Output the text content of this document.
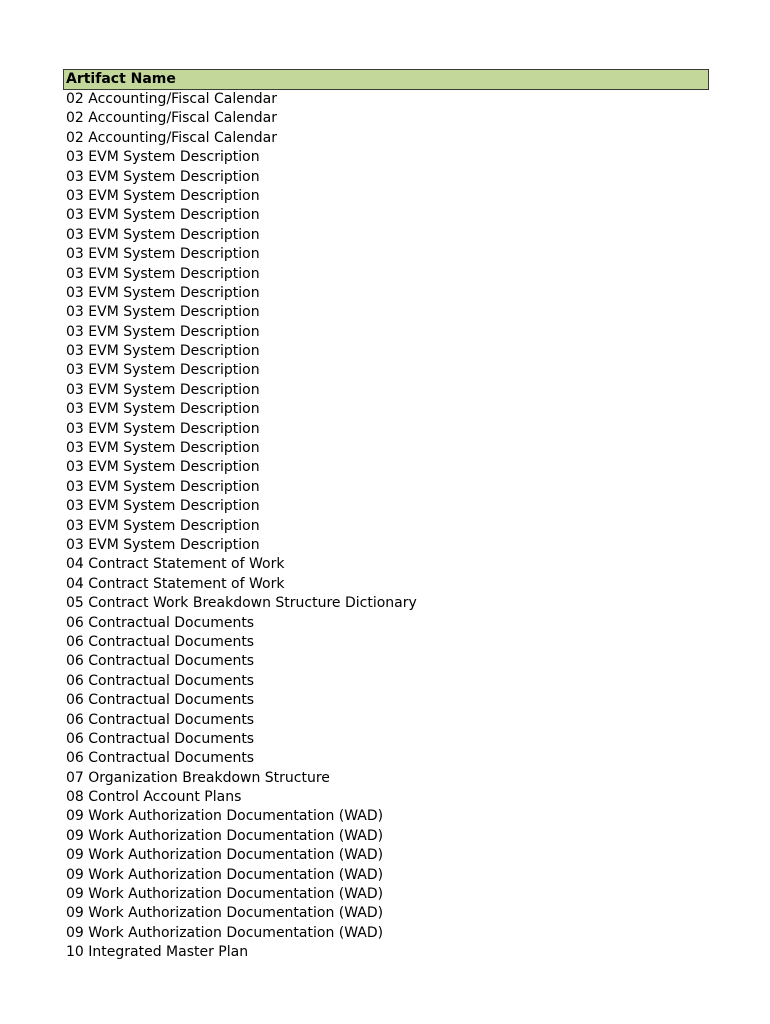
Artifact Name
02 Accounting/Fiscal Calendar
02 Accounting/Fiscal Calendar
02 Accounting/Fiscal Calendar
03 EVM System Description
03 EVM System Description
03 EVM System Description
03 EVM System Description
03 EVM System Description
03 EVM System Description
03 EVM System Description
03 EVM System Description
03 EVM System Description
03 EVM System Description
03 EVM System Description
03 EVM System Description
03 EVM System Description
03 EVM System Description
03 EVM System Description
03 EVM System Description
03 EVM System Description
03 EVM System Description
03 EVM System Description
03 EVM System Description
03 EVM System Description
04 Contract Statement of Work
04 Contract Statement of Work
05 Contract Work Breakdown Structure Dictionary
06 Contractual Documents
06 Contractual Documents
06 Contractual Documents
06 Contractual Documents
06 Contractual Documents
06 Contractual Documents
06 Contractual Documents
06 Contractual Documents
07 Organization Breakdown Structure
08 Control Account Plans
09 Work Authorization Documentation (WAD)
09 Work Authorization Documentation (WAD)
09 Work Authorization Documentation (WAD)
09 Work Authorization Documentation (WAD)
09 Work Authorization Documentation (WAD)
09 Work Authorization Documentation (WAD)
09 Work Authorization Documentation (WAD)
10 Integrated Master Plan
